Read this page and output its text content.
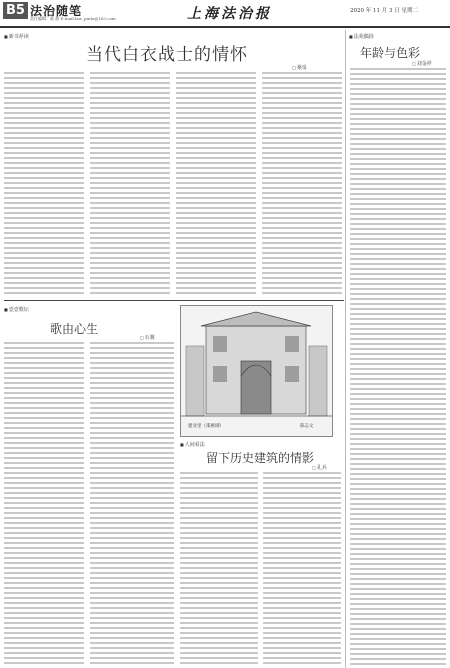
B5 法治随笔
责任编辑：陈 静 E-mail:law_pinlu@163.com	上海法治报	2020 年 11 月 3 日 星期二
■ 新书荐读
当代白衣战士的情怀
□ 桑泉
■ 法苑偶拾
年龄与色彩
□ 刘金祥
■ 壹壹歌坛
歌由心生
□ 石翼
建业里（邵惠瑚）	陈志文
■ 人间看法
留下历史建筑的情影
□ 孔兵
